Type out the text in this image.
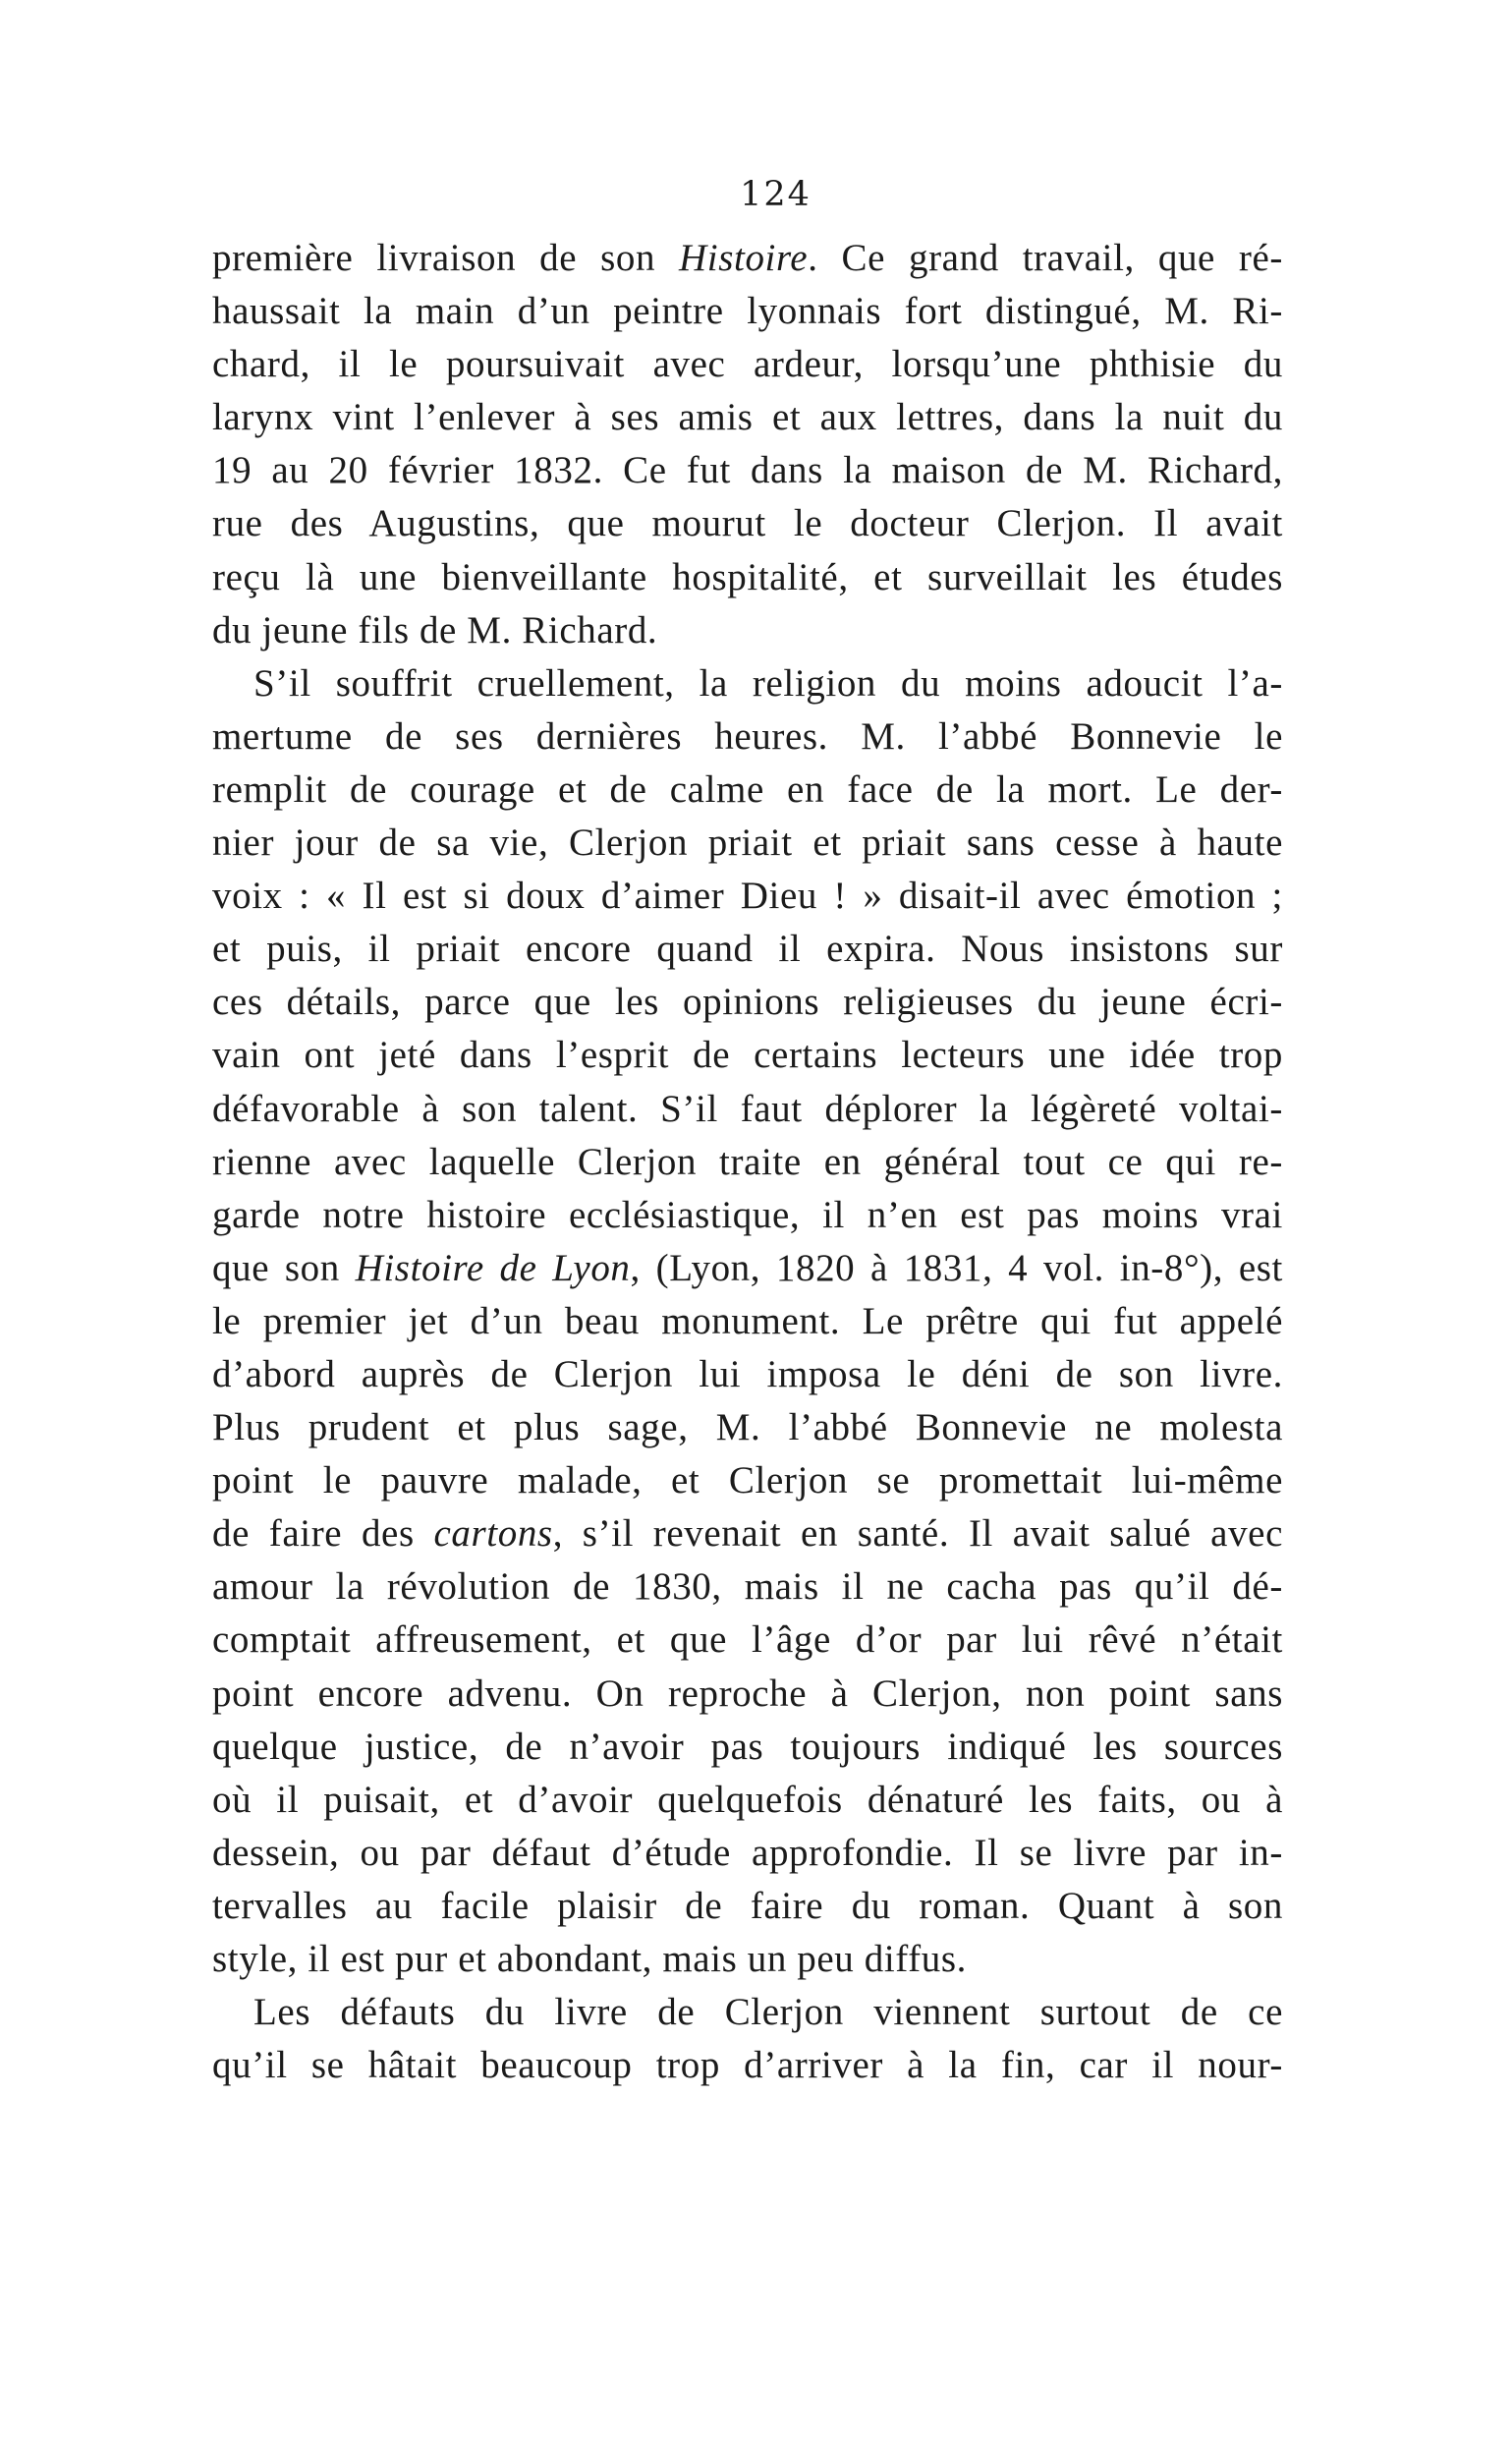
124
première livraison de son Histoire. Ce grand travail, que ré-
haussait la main d’un peintre lyonnais fort distingué, M. Ri-
chard, il le poursuivait avec ardeur, lorsqu’une phthisie du
larynx vint l’enlever à ses amis et aux lettres, dans la nuit du
19 au 20 février 1832. Ce fut dans la maison de M. Richard,
rue des Augustins, que mourut le docteur Clerjon. Il avait
reçu là une bienveillante hospitalité, et surveillait les études
du jeune fils de M. Richard.
S’il souffrit cruellement, la religion du moins adoucit l’a-
mertume de ses dernières heures. M. l’abbé Bonnevie le
remplit de courage et de calme en face de la mort. Le der-
nier jour de sa vie, Clerjon priait et priait sans cesse à haute
voix : « Il est si doux d’aimer Dieu ! » disait-il avec émotion ;
et puis, il priait encore quand il expira. Nous insistons sur
ces détails, parce que les opinions religieuses du jeune écri-
vain ont jeté dans l’esprit de certains lecteurs une idée trop
défavorable à son talent. S’il faut déplorer la légèreté voltai-
rienne avec laquelle Clerjon traite en général tout ce qui re-
garde notre histoire ecclésiastique, il n’en est pas moins vrai
que son Histoire de Lyon, (Lyon, 1820 à 1831, 4 vol. in-8°), est
le premier jet d’un beau monument. Le prêtre qui fut appelé
d’abord auprès de Clerjon lui imposa le déni de son livre.
Plus prudent et plus sage, M. l’abbé Bonnevie ne molesta
point le pauvre malade, et Clerjon se promettait lui-même
de faire des cartons, s’il revenait en santé. Il avait salué avec
amour la révolution de 1830, mais il ne cacha pas qu’il dé-
comptait affreusement, et que l’âge d’or par lui rêvé n’était
point encore advenu. On reproche à Clerjon, non point sans
quelque justice, de n’avoir pas toujours indiqué les sources
où il puisait, et d’avoir quelquefois dénaturé les faits, ou à
dessein, ou par défaut d’étude approfondie. Il se livre par in-
tervalles au facile plaisir de faire du roman. Quant à son
style, il est pur et abondant, mais un peu diffus.
Les défauts du livre de Clerjon viennent surtout de ce
qu’il se hâtait beaucoup trop d’arriver à la fin, car il nour-
